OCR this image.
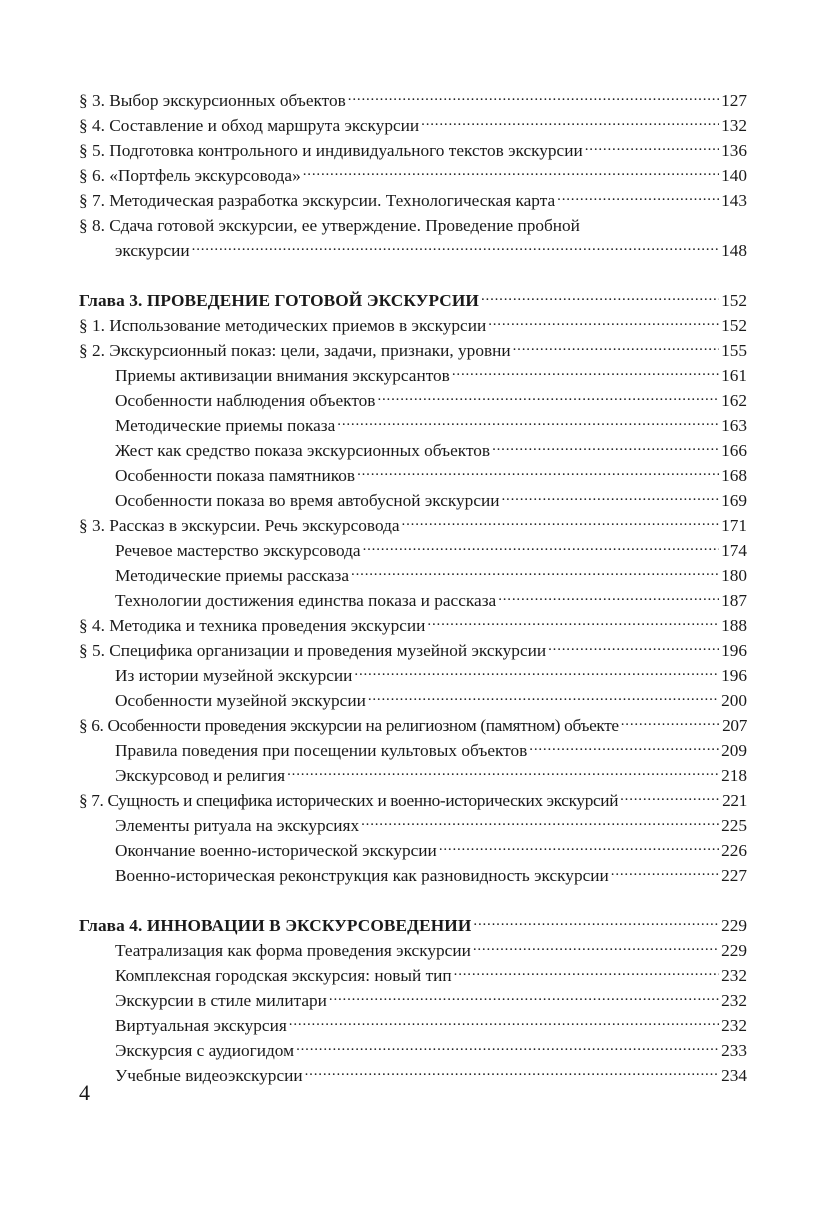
§ 3. Выбор экскурсионных объектов .....	127
§ 4. Составление и обход маршрута экскурсии .....	132
§ 5. Подготовка контрольного и индивидуального текстов экскурсии .....	136
§ 6. «Портфель экскурсовода» .....	140
§ 7. Методическая разработка экскурсии. Технологическая карта .....	143
§ 8. Сдача готовой экскурсии, ее утверждение. Проведение пробной
экскурсии .....	148
Глава 3. ПРОВЕДЕНИЕ ГОТОВОЙ ЭКСКУРСИИ .....	152
§ 1. Использование методических приемов в экскурсии .....	152
§ 2. Экскурсионный показ: цели, задачи, признаки, уровни .....	155
Приемы активизации внимания экскурсантов .....	161
Особенности наблюдения объектов .....	162
Методические приемы показа .....	163
Жест как средство показа экскурсионных объектов .....	166
Особенности показа памятников .....	168
Особенности показа во время автобусной экскурсии .....	169
§ 3. Рассказ в экскурсии. Речь экскурсовода .....	171
Речевое мастерство экскурсовода .....	174
Методические приемы рассказа .....	180
Технологии достижения единства показа и рассказа .....	187
§ 4. Методика и техника проведения экскурсии .....	188
§ 5. Специфика организации и проведения музейной экскурсии .....	196
Из истории музейной экскурсии .....	196
Особенности музейной экскурсии .....	200
§ 6. Особенности проведения экскурсии на религиозном (памятном) объекте .....	207
Правила поведения при посещении культовых объектов .....	209
Экскурсовод и религия .....	218
§ 7. Сущность и специфика исторических и военно-исторических экскурсий .....	221
Элементы ритуала на экскурсиях .....	225
Окончание военно-исторической экскурсии .....	226
Военно-историческая реконструкция как разновидность экскурсии .....	227
Глава 4. ИННОВАЦИИ В ЭКСКУРСОВЕДЕНИИ .....	229
Театрализация как форма проведения экскурсии .....	229
Комплексная городская экскурсия: новый тип .....	232
Экскурсии в стиле милитари .....	232
Виртуальная экскурсия .....	232
Экскурсия с аудиогидом .....	233
Учебные видеоэкскурсии .....	234
4
